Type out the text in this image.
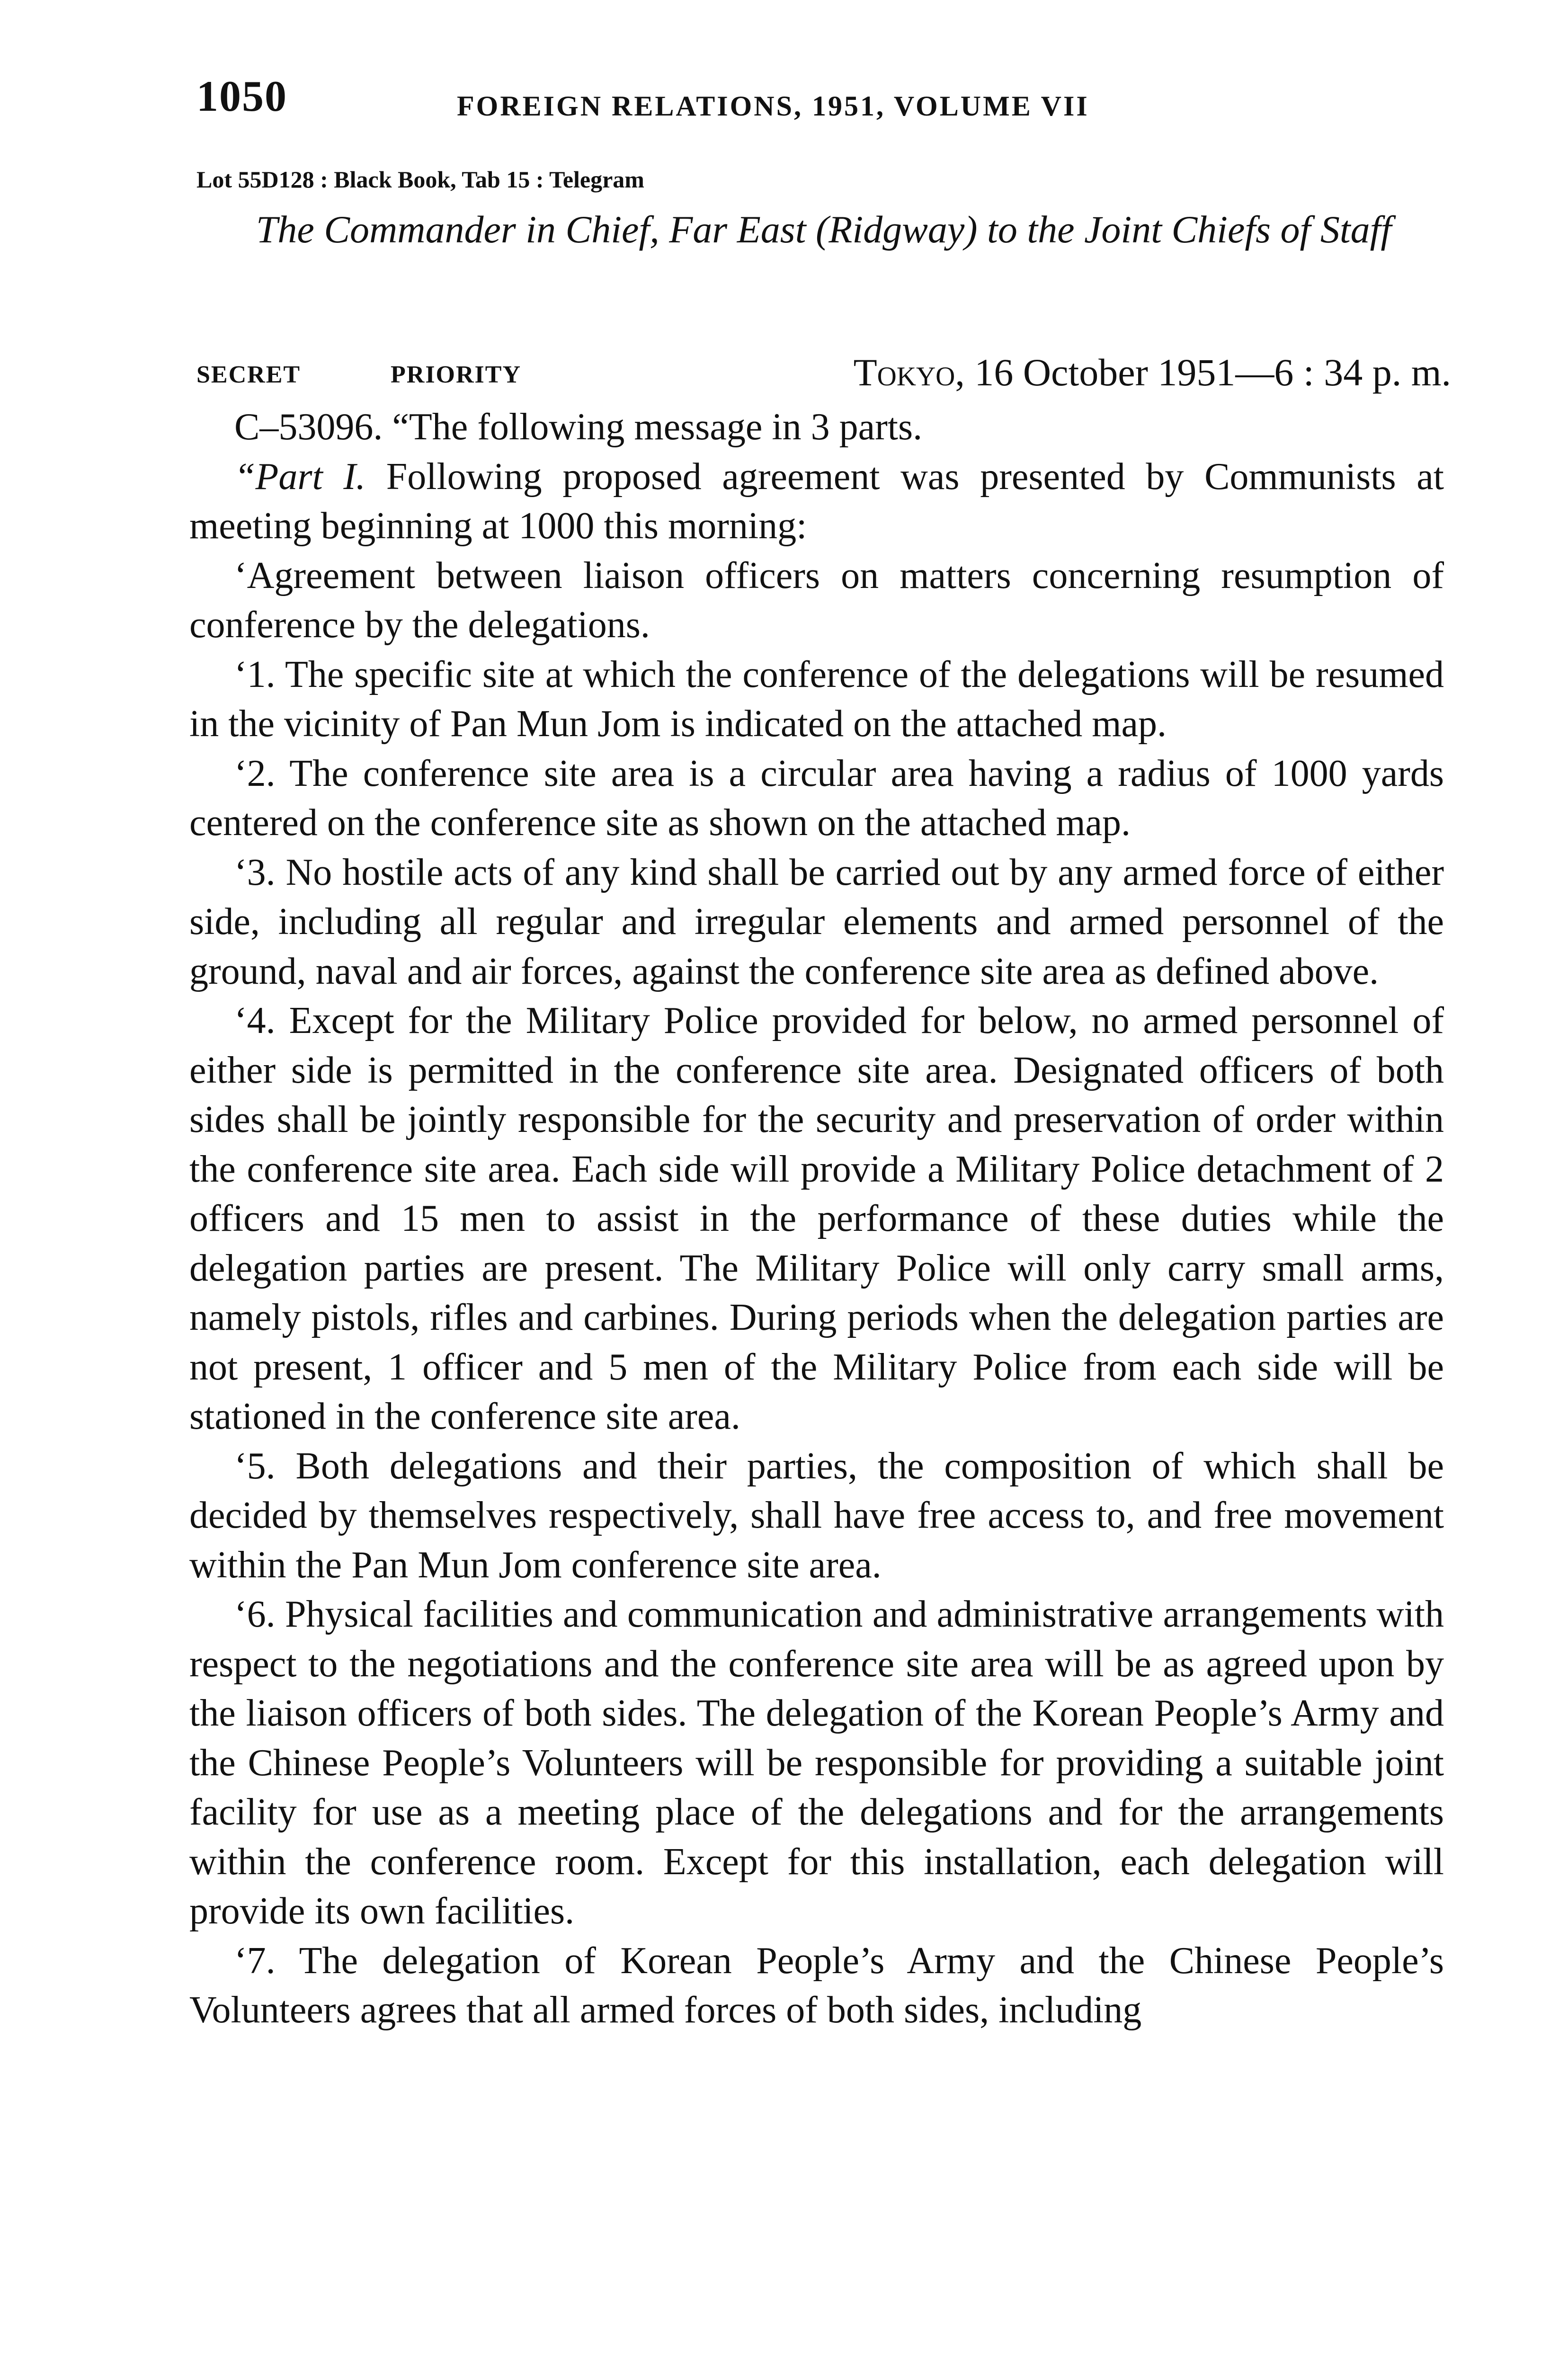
1050	FOREIGN RELATIONS, 1951, VOLUME VII
Lot 55D128 : Black Book, Tab 15 : Telegram
The Commander in Chief, Far East (Ridgway) to the Joint Chiefs of Staff
SECRET	PRIORITY	Tokyo, 16 October 1951—6 : 34 p. m.

C–53096. “The following message in 3 parts.

“Part I. Following proposed agreement was presented by Communists at meeting beginning at 1000 this morning:

‘Agreement between liaison officers on matters concerning resumption of conference by the delegations.

‘1. The specific site at which the conference of the delegations will be resumed in the vicinity of Pan Mun Jom is indicated on the attached map.

‘2. The conference site area is a circular area having a radius of 1000 yards centered on the conference site as shown on the attached map.

‘3. No hostile acts of any kind shall be carried out by any armed force of either side, including all regular and irregular elements and armed personnel of the ground, naval and air forces, against the conference site area as defined above.

‘4. Except for the Military Police provided for below, no armed personnel of either side is permitted in the conference site area. Designated officers of both sides shall be jointly responsible for the security and preservation of order within the conference site area. Each side will provide a Military Police detachment of 2 officers and 15 men to assist in the performance of these duties while the delegation parties are present. The Military Police will only carry small arms, namely pistols, rifles and carbines. During periods when the delegation parties are not present, 1 officer and 5 men of the Military Police from each side will be stationed in the conference site area.

‘5. Both delegations and their parties, the composition of which shall be decided by themselves respectively, shall have free access to, and free movement within the Pan Mun Jom conference site area.

‘6. Physical facilities and communication and administrative arrangements with respect to the negotiations and the conference site area will be as agreed upon by the liaison officers of both sides. The delegation of the Korean People’s Army and the Chinese People’s Volunteers will be responsible for providing a suitable joint facility for use as a meeting place of the delegations and for the arrangements within the conference room. Except for this installation, each delegation will provide its own facilities.

‘7. The delegation of Korean People’s Army and the Chinese People’s Volunteers agrees that all armed forces of both sides, including
